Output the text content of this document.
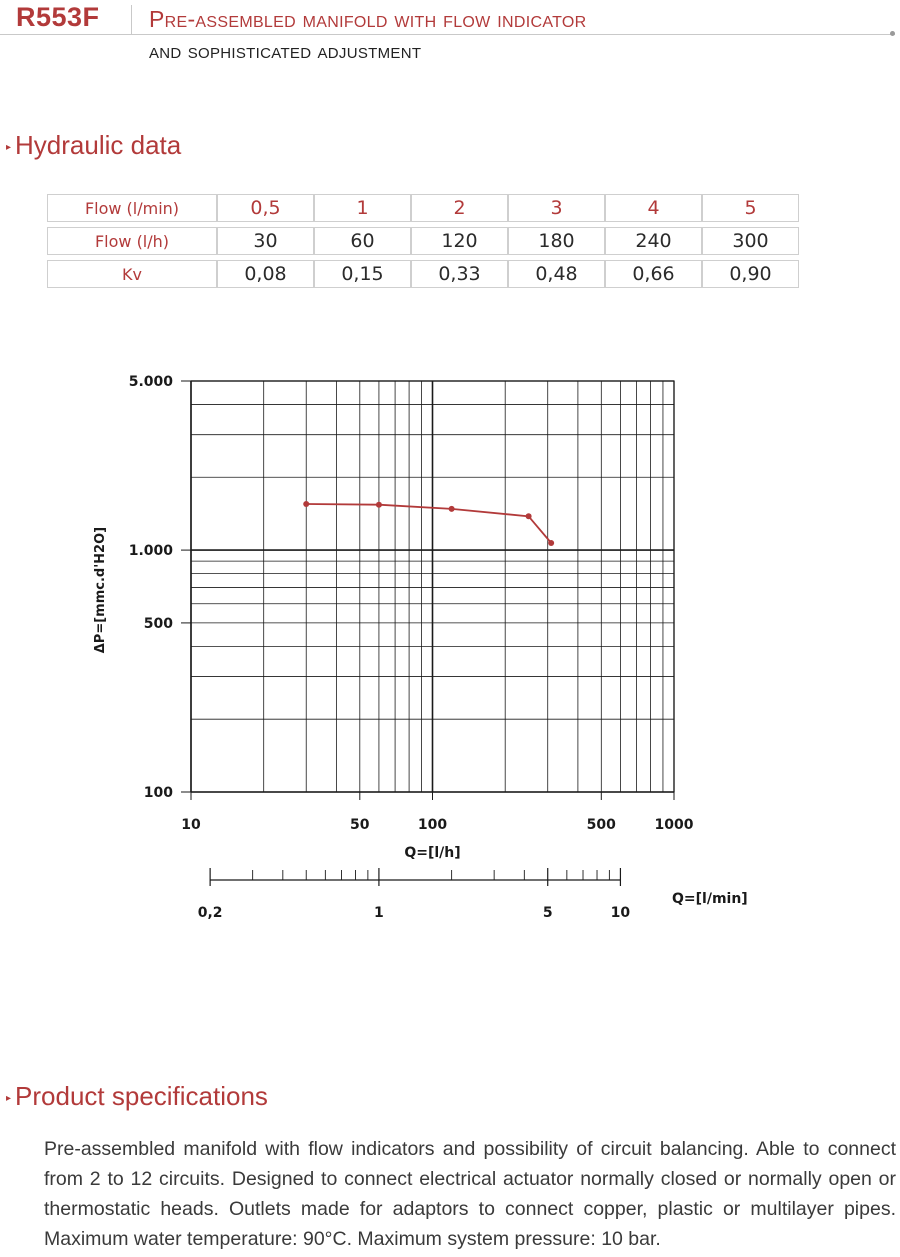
R553F Pre-assembled manifold with flow indicator
and sophisticated adjustment
▸ Hydraulic data
Flow (l/min)	0,5	1	2	3	4	5
Flow (l/h)	30	60	120	180	240	300
Kv	0,08	0,15	0,33	0,48	0,66	0,90
5.000
1.000
500
100
10	50	100	500	1000
Q=[l/h]
ΔP=[mmc.d'H2O]
0,2	1	5	10
Q=[l/min]
▸ Product specifications
Pre-assembled manifold with flow indicators and possibility of circuit balancing. Able to connect from 2 to 12 circuits. Designed to connect electrical actuator normally closed or normally open or thermostatic heads. Outlets made for adaptors to connect copper, plastic or multilayer pipes. Maximum water temperature: 90°C. Maximum system pressure: 10 bar.
